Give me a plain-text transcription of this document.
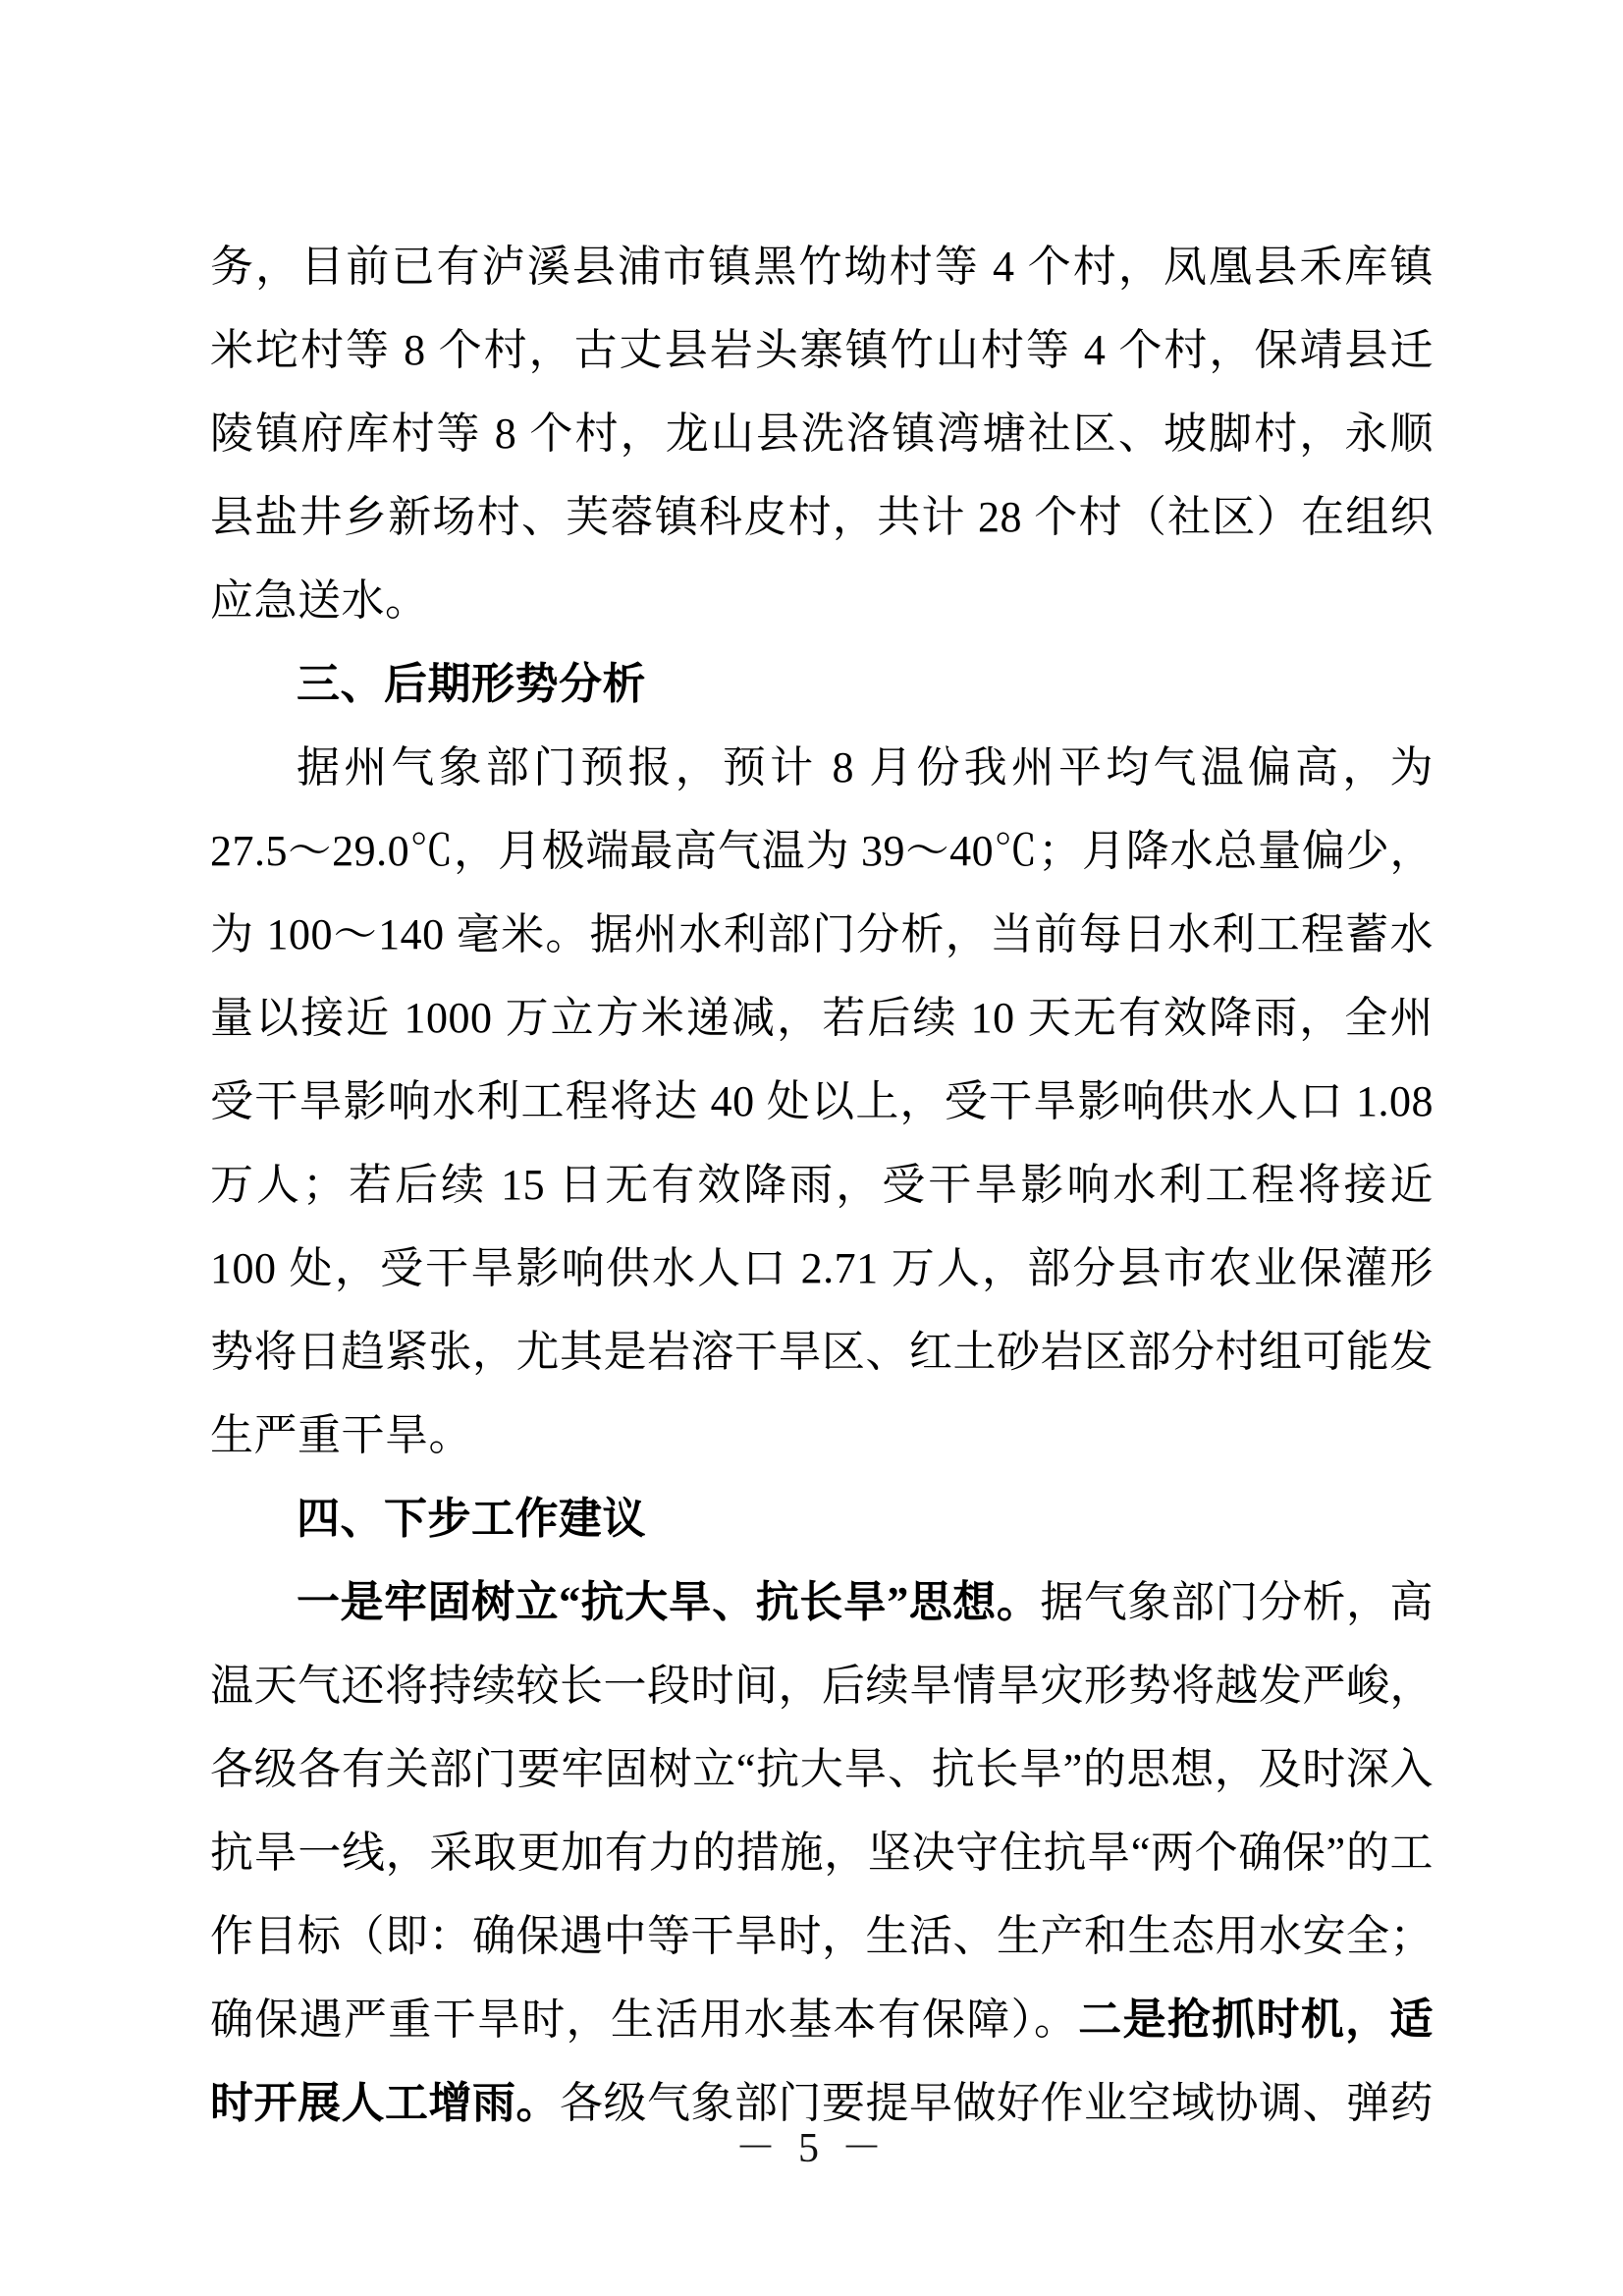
务，目前已有泸溪县浦市镇黑竹坳村等 4 个村，凤凰县禾库镇米坨村等 8 个村，古丈县岩头寨镇竹山村等 4 个村，保靖县迁陵镇府库村等 8 个村，龙山县洗洛镇湾塘社区、坡脚村，永顺县盐井乡新场村、芙蓉镇科皮村，共计 28 个村（社区）在组织应急送水。
三、后期形势分析
据州气象部门预报，预计 8 月份我州平均气温偏高，为 27.5～29.0℃，月极端最高气温为 39～40℃；月降水总量偏少，为 100～140 毫米。据州水利部门分析，当前每日水利工程蓄水量以接近 1000 万立方米递减，若后续 10 天无有效降雨，全州受干旱影响水利工程将达 40 处以上，受干旱影响供水人口 1.08 万人；若后续 15 日无有效降雨，受干旱影响水利工程将接近 100 处，受干旱影响供水人口 2.71 万人，部分县市农业保灌形势将日趋紧张，尤其是岩溶干旱区、红土砂岩区部分村组可能发生严重干旱。
四、下步工作建议
一是牢固树立“抗大旱、抗长旱”思想。据气象部门分析，高温天气还将持续较长一段时间，后续旱情旱灾形势将越发严峻，各级各有关部门要牢固树立“抗大旱、抗长旱”的思想，及时深入抗旱一线，采取更加有力的措施，坚决守住抗旱“两个确保”的工作目标（即：确保遇中等干旱时，生活、生产和生态用水安全；确保遇严重干旱时，生活用水基本有保障）。二是抢抓时机，适时开展人工增雨。各级气象部门要提早做好作业空域协调、弹药
－ 5 －
